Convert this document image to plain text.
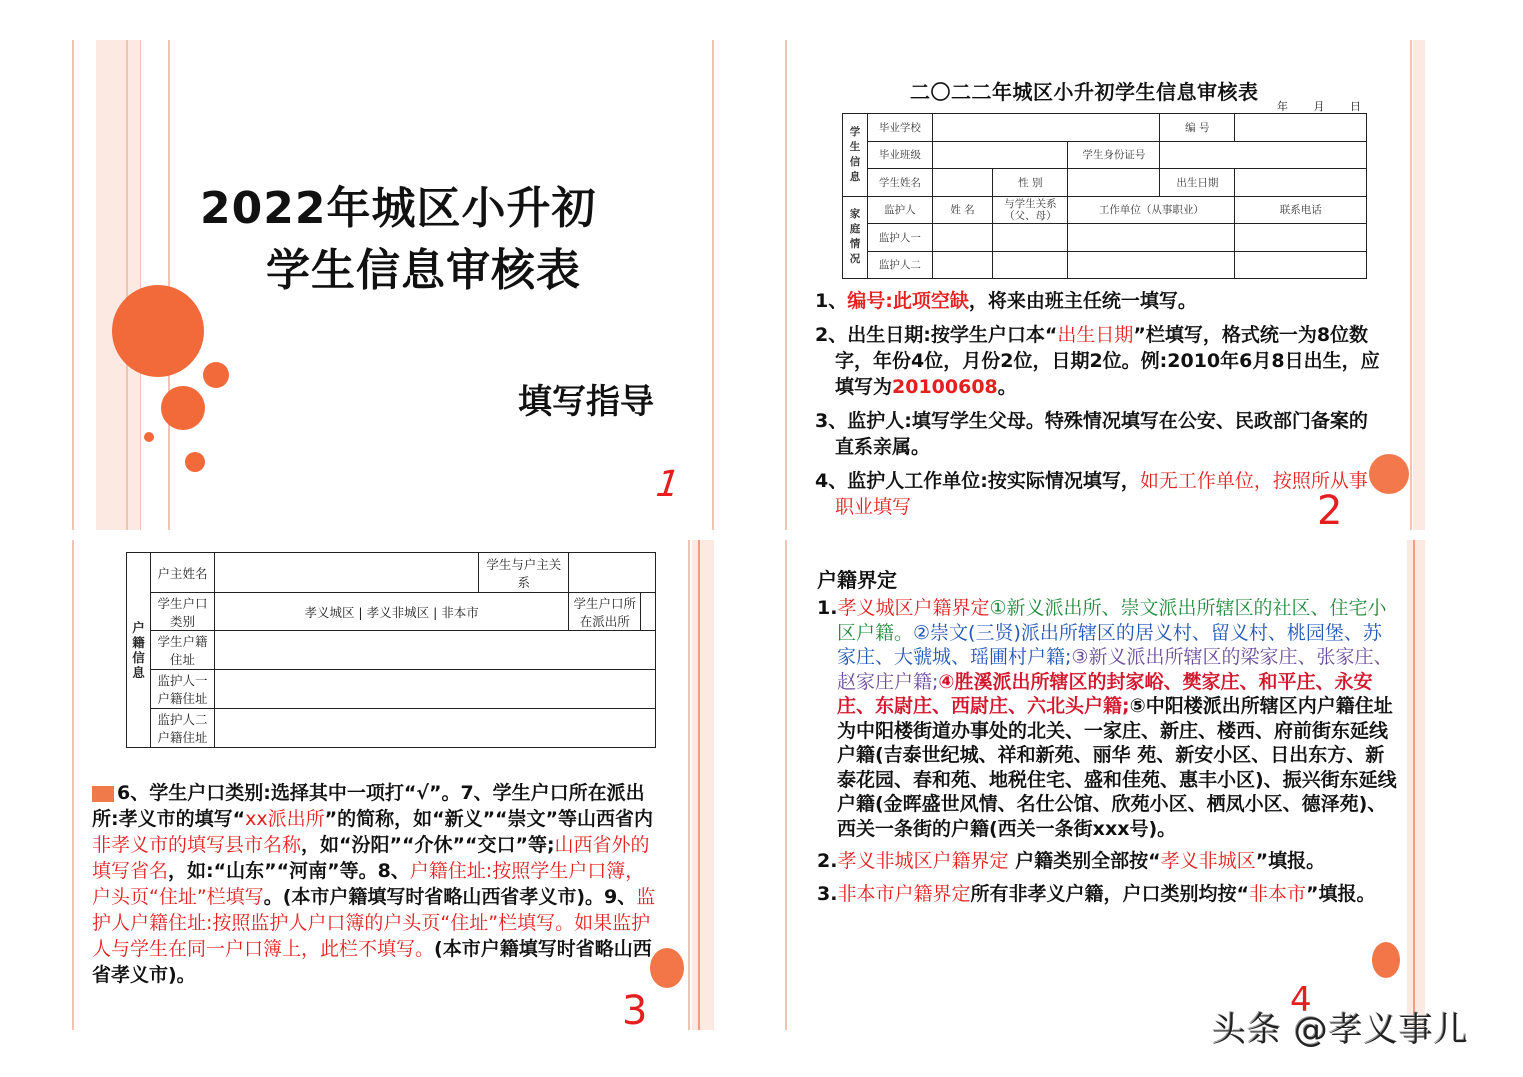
2022年城区小升初
学生信息审核表
填写指导
1
二〇二二年城区小升初学生信息审核表
年 月 日
学生信息	毕业学校				编 号	
	毕业班级			学生身份证号		
	学生姓名		性 别		出生日期	
家庭情况	监护人	姓 名	与学生关系（父、母）	工作单位（从事职业）		联系电话
	监护人一					
	监护人二					

1、编号:此项空缺，将来由班主任统一填写。

2、出生日期:按学生户口本“出生日期”栏填写，格式统一为8位数字，年份4位，月份2位，日期2位。例:2010年6月8日出生，应填写为20100608。

3、监护人:填写学生父母。特殊情况填写在公安、民政部门备案的直系亲属。

4、监护人工作单位:按实际情况填写，如无工作单位，按照所从事职业填写	2
户籍信息	户主姓名		学生与户主关系		
	学生户口类别	孝义城区 | 孝义非城区 | 非本市		学生户口所在派出所	
	学生户籍住址				
	监护人一户籍住址				
	监护人二户籍住址				
6、学生户口类别:选择其中一项打“√”。7、学生户口所在派出所:孝义市的填写“xx派出所”的简称，如“新义”“崇文”等山西省内非孝义市的填写县市名称，如“汾阳”“介休”“交口”等;山西省外的填写省名，如:“山东”“河南”等。8、户籍住址:按照学生户口簿，户头页“住址”栏填写。(本市户籍填写时省略山西省孝义市)。9、监护人户籍住址:按照监护人户口簿的户头页“住址”栏填写。如果监护人与学生在同一户口簿上，此栏不填写。(本市户籍填写时省略山西省孝义市)。
3
户籍界定

1.孝义城区户籍界定①新义派出所、崇文派出所辖区的社区、住宅小区户籍。②崇文(三贤)派出所辖区的居义村、留义村、桃园堡、苏家庄、大虢城、瑶圃村户籍;③新义派出所辖区的梁家庄、张家庄、赵家庄户籍;④胜溪派出所辖区的封家峪、樊家庄、和平庄、永安庄、东尉庄、西尉庄、六北头户籍;⑤中阳楼派出所辖区内户籍住址为中阳楼街道办事处的北关、一家庄、新庄、楼西、府前街东延线户籍(吉泰世纪城、祥和新苑、丽华 苑、新安小区、日出东方、新泰花园、春和苑、地税住宅、盛和佳苑、惠丰小区)、振兴街东延线户籍(金晖盛世风情、名仕公馆、欣苑小区、栖凤小区、德泽苑)、西关一条街的户籍(西关一条街xxx号)。

2.孝义非城区户籍界定 户籍类别全部按“孝义非城区”填报。

3.非本市户籍界定所有非孝义户籍，户口类别均按“非本市”填报。

4
头条 @孝义事儿
